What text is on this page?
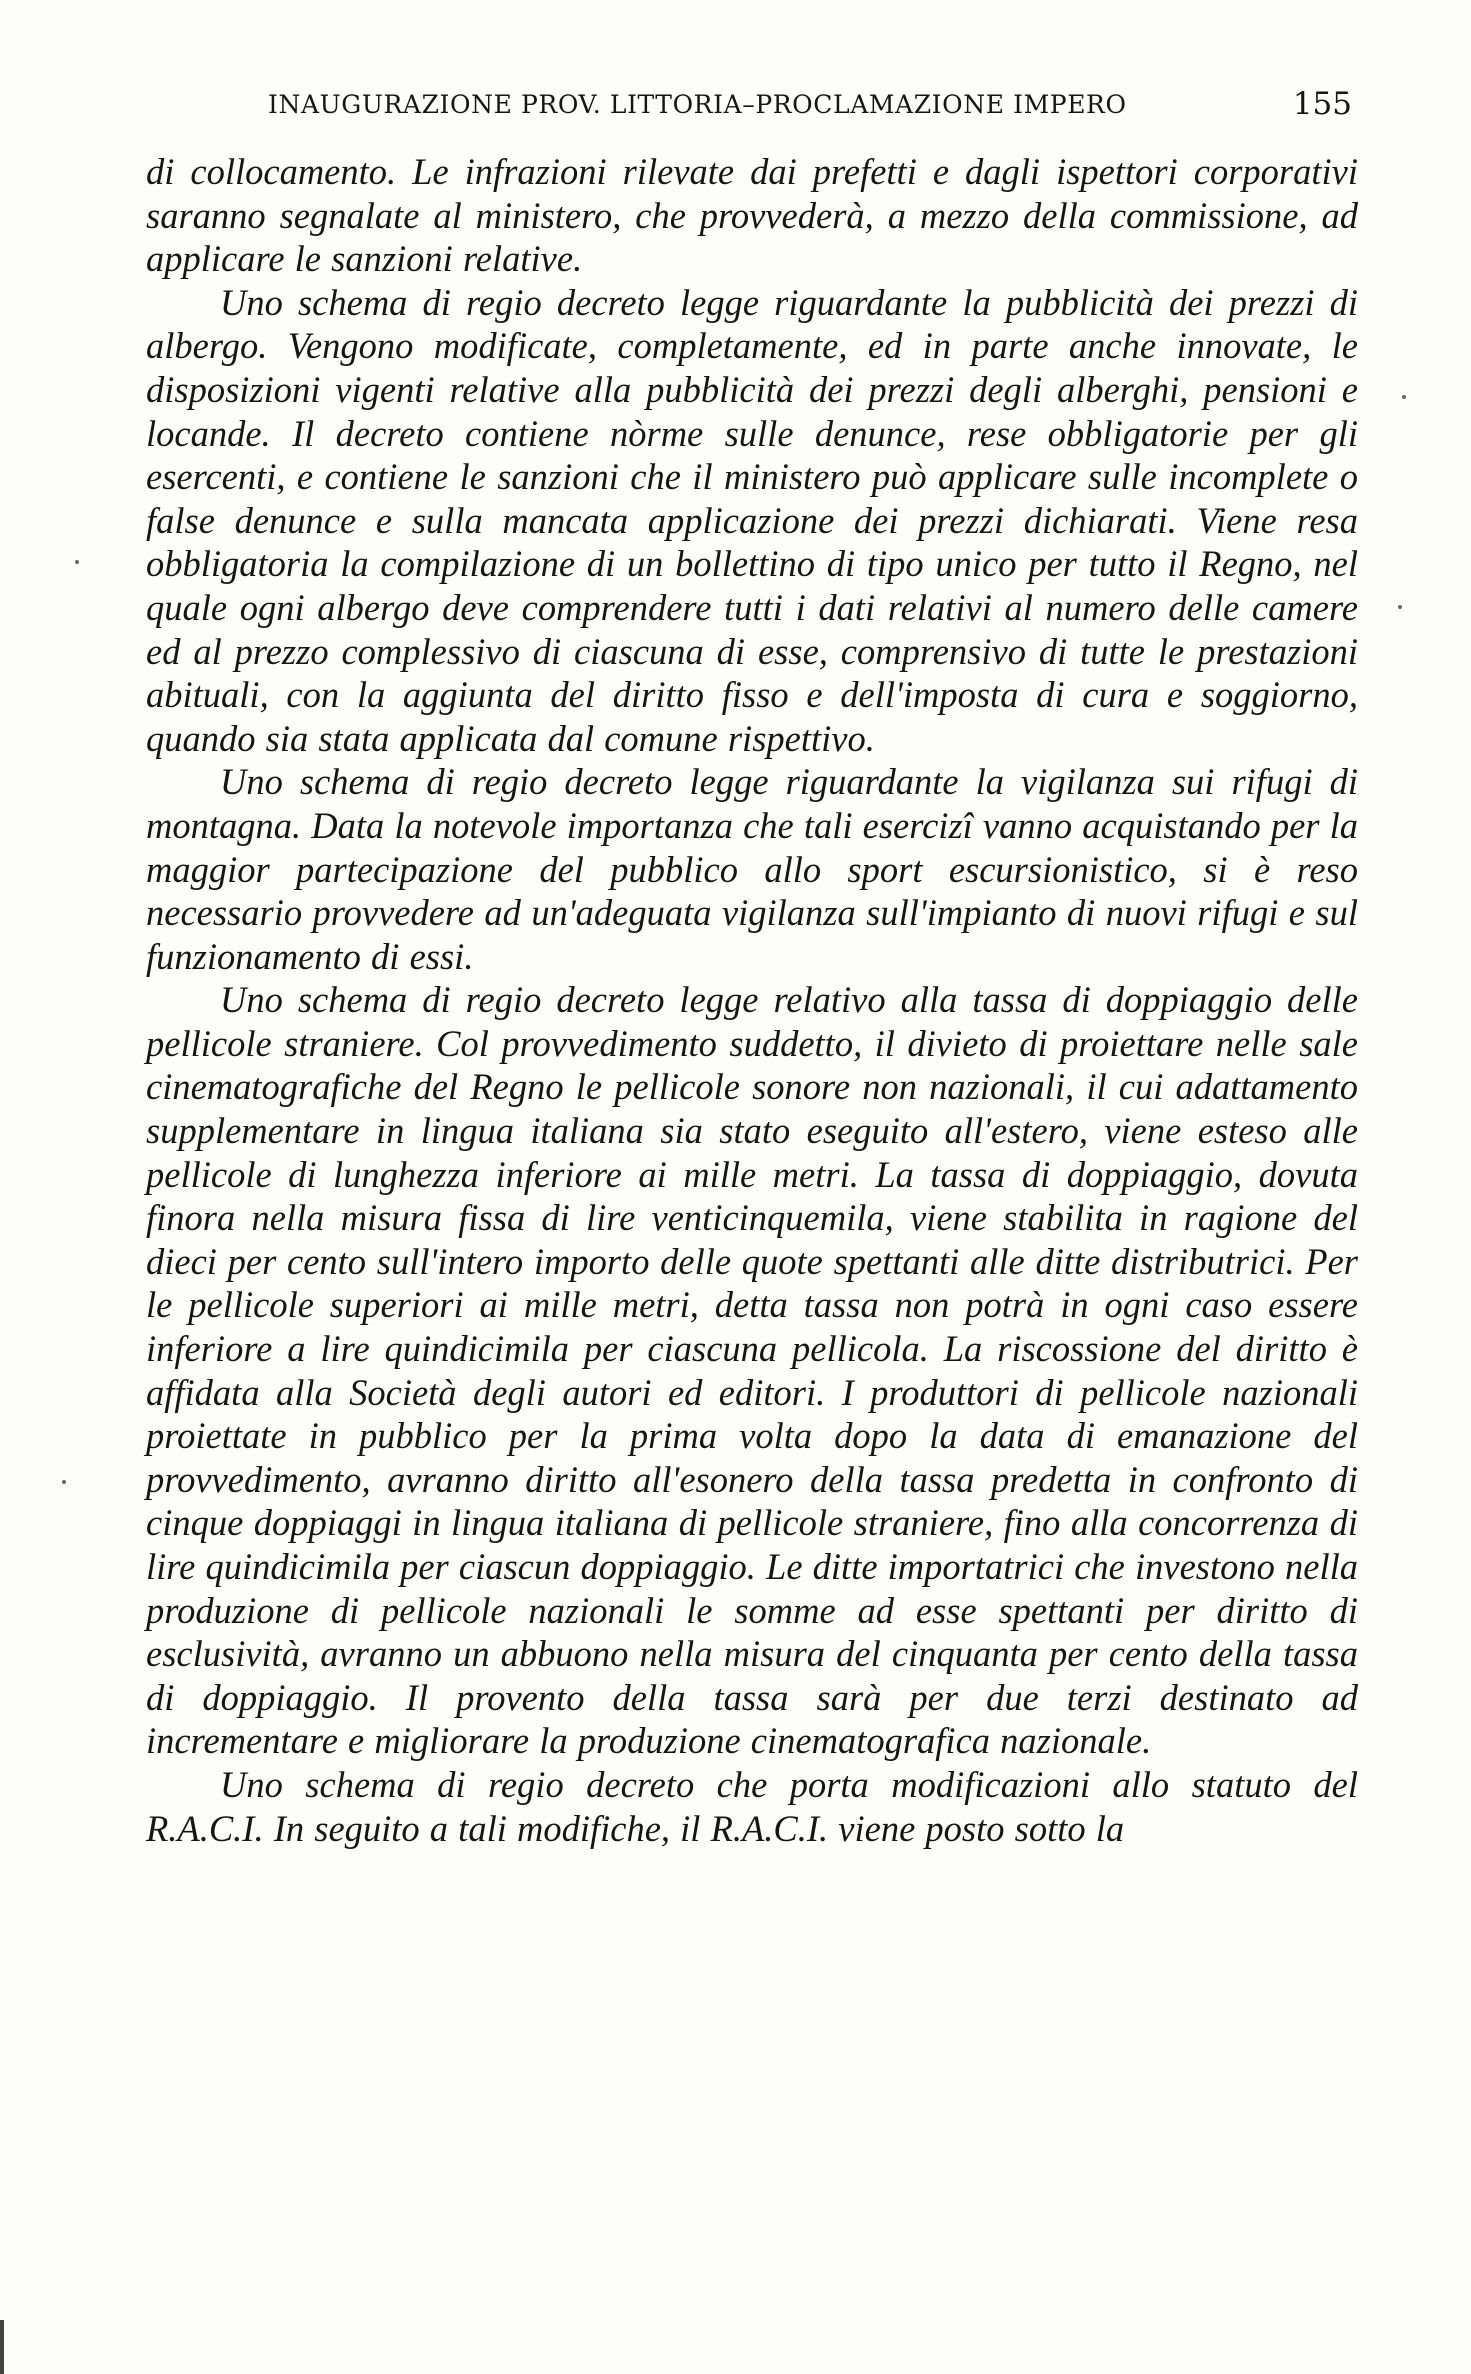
INAUGURAZIONE PROV. LITTORIA–PROCLAMAZIONE IMPERO	155

di collocamento. Le infrazioni rilevate dai prefetti e dagli ispettori corporativi saranno segnalate al ministero, che provvederà, a mezzo della commissione, ad applicare le sanzioni relative.

Uno schema di regio decreto legge riguardante la pubblicità dei prezzi di albergo. Vengono modificate, completamente, ed in parte anche innovate, le disposizioni vigenti relative alla pubblicità dei prezzi degli alberghi, pensioni e locande. Il decreto contiene nòrme sulle denunce, rese obbligatorie per gli esercenti, e contiene le sanzioni che il ministero può applicare sulle incomplete o false denunce e sulla mancata applicazione dei prezzi dichiarati. Viene resa obbligatoria la compilazione di un bollettino di tipo unico per tutto il Regno, nel quale ogni albergo deve comprendere tutti i dati relativi al numero delle camere ed al prezzo complessivo di ciascuna di esse, comprensivo di tutte le prestazioni abituali, con la aggiunta del diritto fisso e dell'imposta di cura e soggiorno, quando sia stata applicata dal comune rispettivo.

Uno schema di regio decreto legge riguardante la vigilanza sui rifugi di montagna. Data la notevole importanza che tali esercizî vanno acquistando per la maggior partecipazione del pubblico allo sport escursionistico, si è reso necessario provvedere ad un'adeguata vigilanza sull'impianto di nuovi rifugi e sul funzionamento di essi.

Uno schema di regio decreto legge relativo alla tassa di doppiaggio delle pellicole straniere. Col provvedimento suddetto, il divieto di proiettare nelle sale cinematografiche del Regno le pellicole sonore non nazionali, il cui adattamento supplementare in lingua italiana sia stato eseguito all'estero, viene esteso alle pellicole di lunghezza inferiore ai mille metri. La tassa di doppiaggio, dovuta finora nella misura fissa di lire venticinquemila, viene stabilita in ragione del dieci per cento sull'intero importo delle quote spettanti alle ditte distributrici. Per le pellicole superiori ai mille metri, detta tassa non potrà in ogni caso essere inferiore a lire quindicimila per ciascuna pellicola. La riscossione del diritto è affidata alla Società degli autori ed editori. I produttori di pellicole nazionali proiettate in pubblico per la prima volta dopo la data di emanazione del provvedimento, avranno diritto all'esonero della tassa predetta in confronto di cinque doppiaggi in lingua italiana di pellicole straniere, fino alla concorrenza di lire quindicimila per ciascun doppiaggio. Le ditte importatrici che investono nella produzione di pellicole nazionali le somme ad esse spettanti per diritto di esclusività, avranno un abbuono nella misura del cinquanta per cento della tassa di doppiaggio. Il provento della tassa sarà per due terzi destinato ad incrementare e migliorare la produzione cinematografica nazionale.

Uno schema di regio decreto che porta modificazioni allo statuto del R.A.C.I. In seguito a tali modifiche, il R.A.C.I. viene posto sotto la
